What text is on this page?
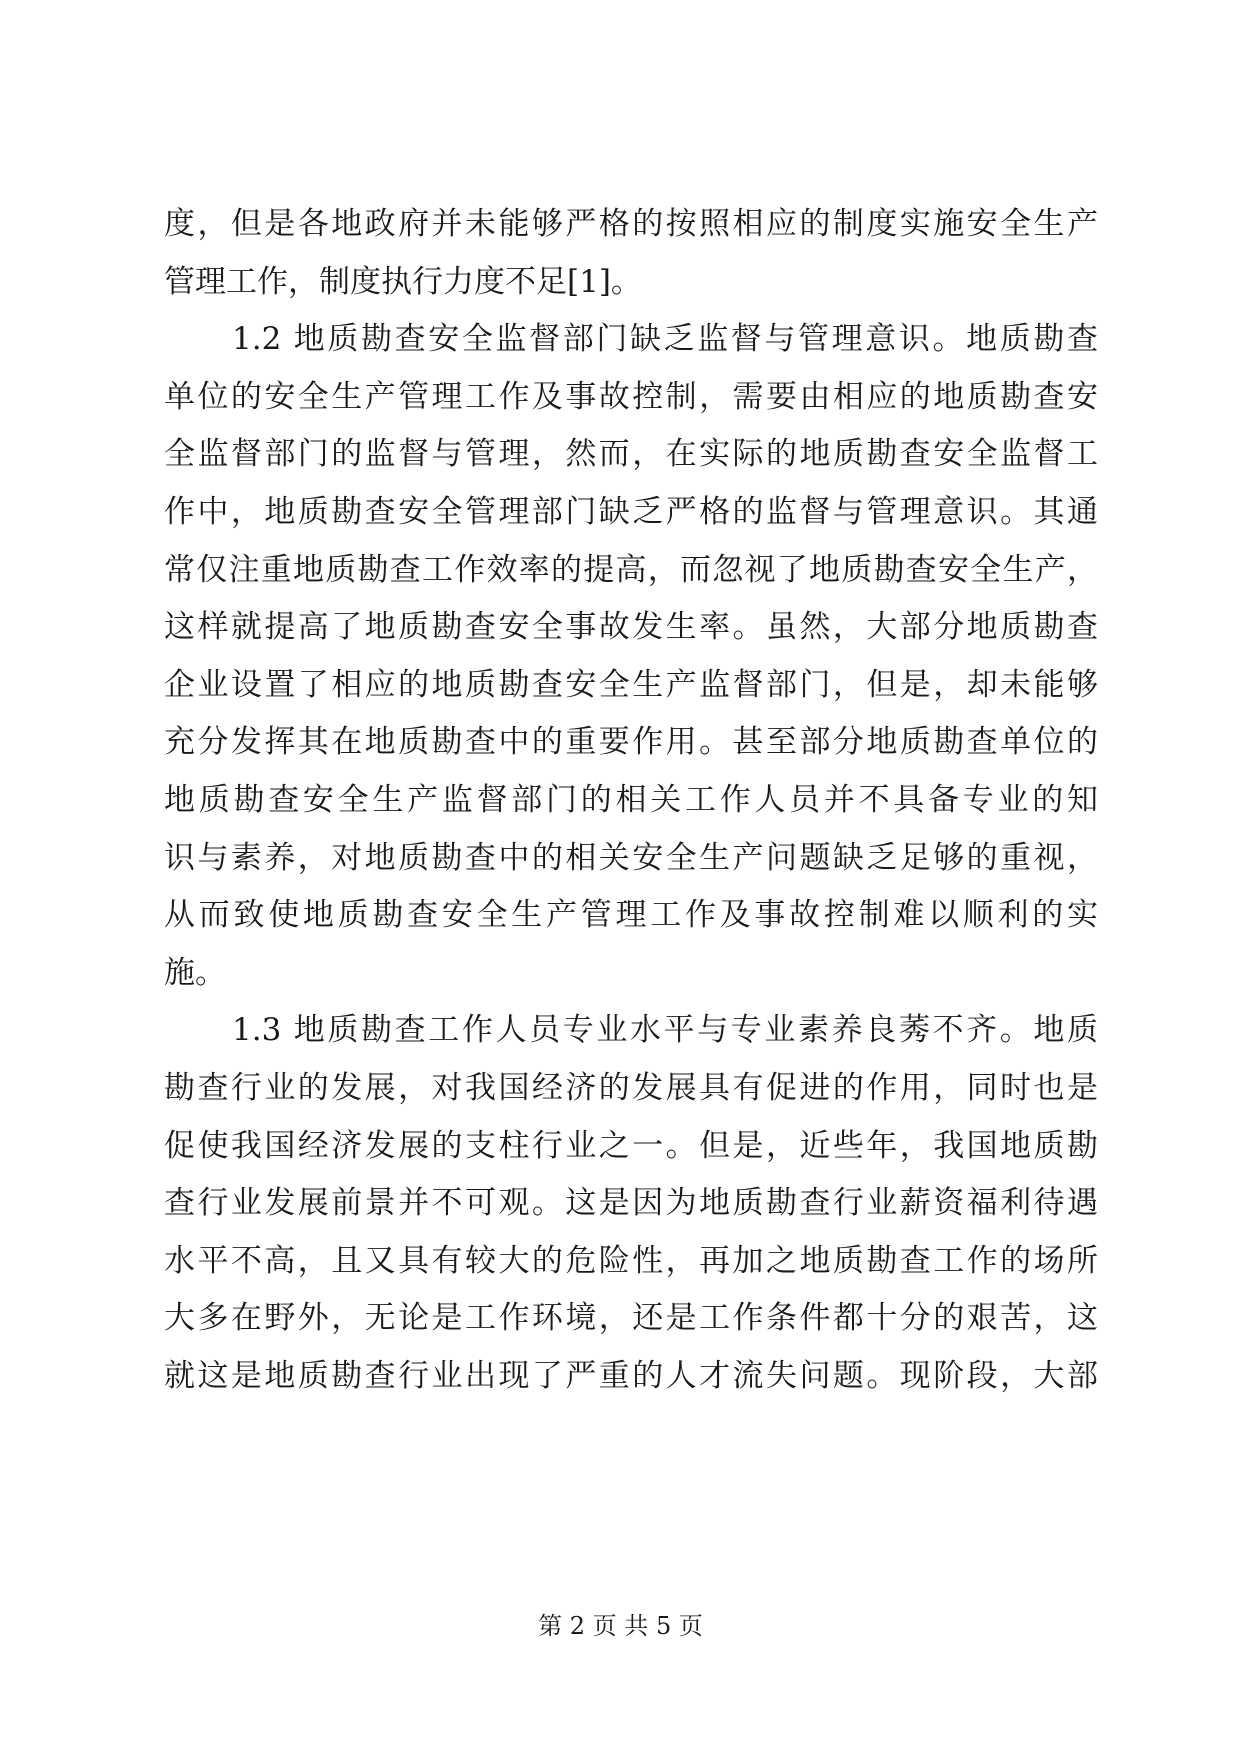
度，但是各地政府并未能够严格的按照相应的制度实施安全生产
管理工作，制度执行力度不足[1]。
1.2 地质勘查安全监督部门缺乏监督与管理意识。地质勘查
单位的安全生产管理工作及事故控制，需要由相应的地质勘查安
全监督部门的监督与管理，然而，在实际的地质勘查安全监督工
作中，地质勘查安全管理部门缺乏严格的监督与管理意识。其通
常仅注重地质勘查工作效率的提高，而忽视了地质勘查安全生产，
这样就提高了地质勘查安全事故发生率。虽然，大部分地质勘查
企业设置了相应的地质勘查安全生产监督部门，但是，却未能够
充分发挥其在地质勘查中的重要作用。甚至部分地质勘查单位的
地质勘查安全生产监督部门的相关工作人员并不具备专业的知
识与素养，对地质勘查中的相关安全生产问题缺乏足够的重视，
从而致使地质勘查安全生产管理工作及事故控制难以顺利的实
施。
1.3 地质勘查工作人员专业水平与专业素养良莠不齐。地质
勘查行业的发展，对我国经济的发展具有促进的作用，同时也是
促使我国经济发展的支柱行业之一。但是，近些年，我国地质勘
查行业发展前景并不可观。这是因为地质勘查行业薪资福利待遇
水平不高，且又具有较大的危险性，再加之地质勘查工作的场所
大多在野外，无论是工作环境，还是工作条件都十分的艰苦，这
就这是地质勘查行业出现了严重的人才流失问题。现阶段，大部
第 2 页 共 5 页
